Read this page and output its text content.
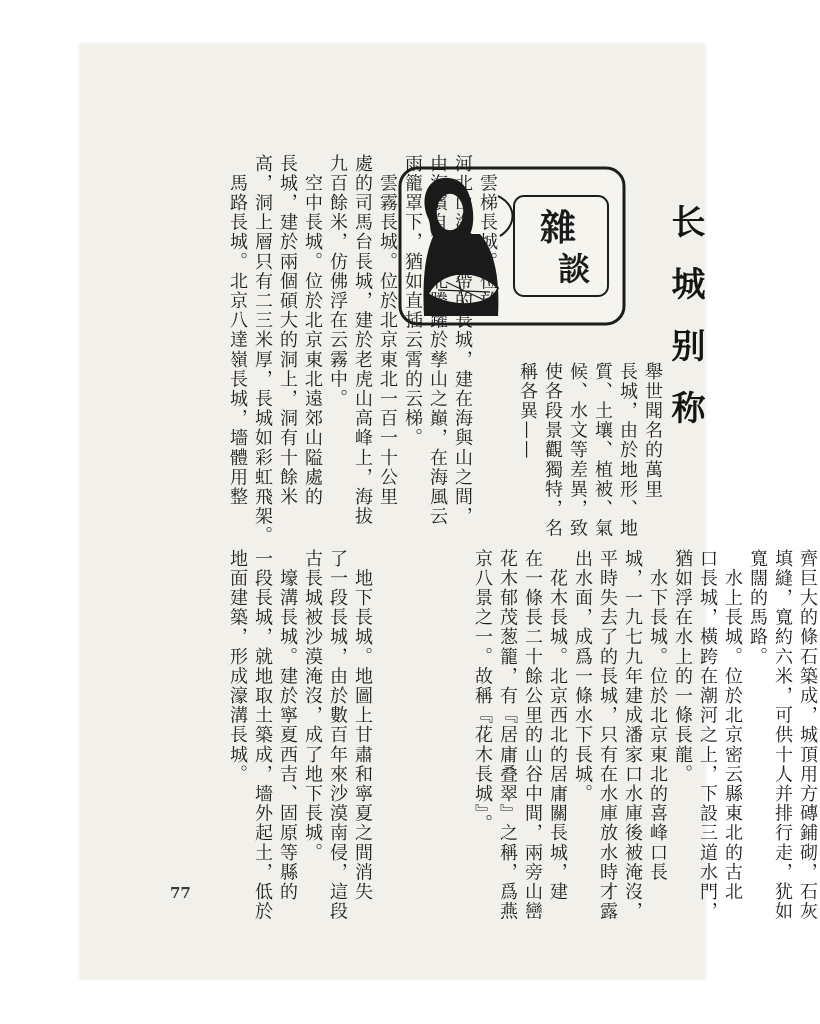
长城别称
雜
談
舉世聞名的萬里
長城，由於地形、地
質、土壤、植被、氣
候、水文等差異，致
使各段景觀獨特，名
稱各異——
齊巨大的條石築成，城頂用方磚鋪砌，石灰
填縫，寬約六米，可供十人并排行走，犹如
寬闊的馬路。
　水上長城。位於北京密云縣東北的古北
口長城，橫跨在潮河之上，下設三道水門，
猶如浮在水上的一條長龍。
　水下長城。位於北京東北的喜峰口長
城，一九七九年建成潘家口水庫後被淹沒，
平時失去了的長城，只有在水庫放水時才露
出水面，成爲一條水下長城。
　花木長城。北京西北的居庸關長城，建
在一條長二十餘公里的山谷中間，兩旁山巒
花木郁茂葱籠，有『居庸叠翠』之稱，爲燕
京八景之一。故稱『花木長城』。
　雲梯長城。位於
河北山海關一帶的長城，建在海與山之間，
由海濱自南向北騰躍於孳山之巔，在海風云
雨籠罩下，猶如直插云霄的云梯。
　雲霧長城。位於北京東北一百一十公里
處的司馬台長城，建於老虎山高峰上，海拔
九百餘米，仿佛浮在云霧中。
　空中長城。位於北京東北遠郊山隘處的
長城，建於兩個碩大的洞上，洞有十餘米
高，洞上層只有二三米厚，長城如彩虹飛架。
　馬路長城。北京八達嶺長城，墻體用整
　地下長城。地圖上甘肅和寧夏之間消失
了一段長城，由於數百年來沙漠南侵，這段
古長城被沙漠淹沒，成了地下長城。
　壕溝長城。建於寧夏西吉、固原等縣的
一段長城，就地取土築成，墻外起土，低於
地面建築，形成濠溝長城。
77
